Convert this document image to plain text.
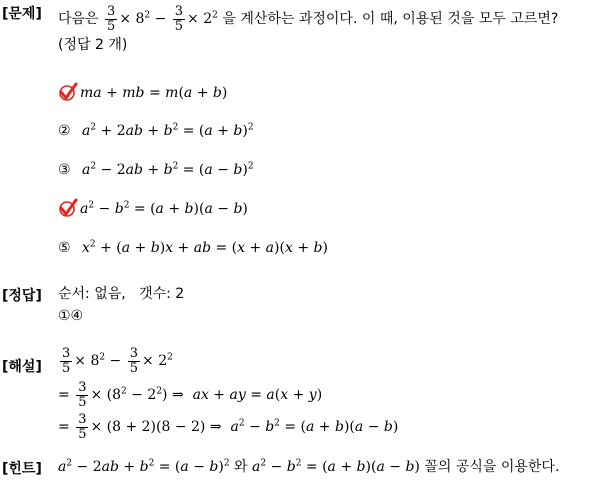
[문제] 다음은 $\frac{3}{5} \times 8^2 - \frac{3}{5} \times 2^2$ 을 계산하는 과정이다. 이 때, 이용된 것을 모두 고르면?
(정답 2 개)
ma + mb = m(a + b)
② $a^2 + 2ab + b^2 = (a + b)^2$
③ $a^2 - 2ab + b^2 = (a - b)^2$
$a^2 - b^2 = (a + b)(a - b)$
⑤ $x^2 + (a + b)x$ + ab = (x + a)(x + b)
[정답] 순서: 없음,   갯수: 2
①④
[해설] $\frac{3}{5} \times 8^2 - \frac{3}{5} \times 2^2$
= $\frac{3}{5} \times (8^2 - 2^2)$ ⇒  ax + ay = a(x + y)
= $\frac{3}{5} \times (8 + 2)(8 - 2)$ ⇒  $a^2 - b^2 = (a + b)(a - b)$
[힌트] $a^2 - 2ab + b^2 = (a - b)^2$ 와 $a^2 - b^2 = (a + b)(a - b)$ 꼴의 공식을 이용한다.
